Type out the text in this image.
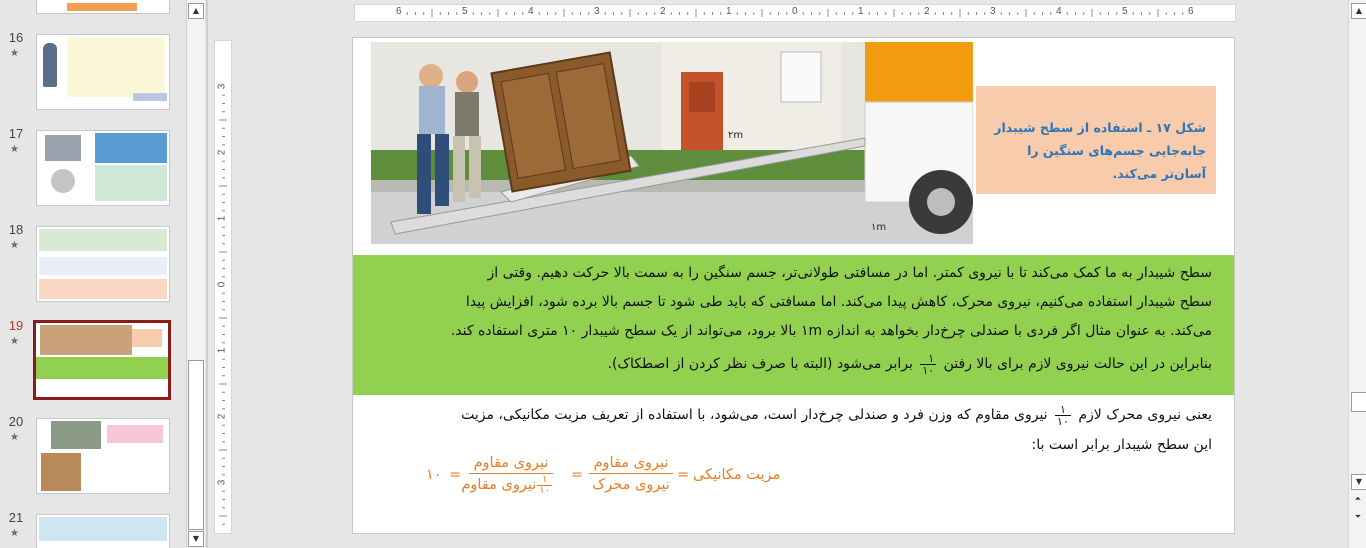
16
★
17
★
18
★
19
★
20
★
21
★
▲
▼
6	5	4	3	2	1	0	1	2	3	4	5	6
3
2
1
0
1
2
3
۲m
۱m

شکل ۱۷ ـ استفاده از سطح شیبدار جابه‌جایی جسم‌های سنگین را آسان‌تر می‌کند.

سطح شیبدار به ما کمک می‌کند تا با نیروی کمتر. اما در مسافتی طولانی‌تر، جسم سنگین را به سمت بالا حرکت دهیم. وقتی از

سطح شیبدار استفاده می‌کنیم، نیروی محرک، کاهش پیدا می‌کند. اما مسافتی که باید طی شود تا جسم بالا برده شود، افزایش پیدا

می‌کند. به عنوان مثال اگر فردی با صندلی چرخ‌دار بخواهد به اندازه ۱m بالا برود، می‌تواند از یک سطح شیبدار ۱۰ متری استفاده کند.

بنابراین در این حالت نیروی لازم برای بالا رفتن
$\frac{۱}{۱۰}$
برابر می‌شود (البته با صرف نظر کردن از اصطکاک).

یعنی نیروی محرک لازم
$\frac{۱}{۱۰}$
نیروی مقاوم که وزن فرد و صندلی چرخ‌دار است، می‌شود، با استفاده از تعریف مزیت مکانیکی، مزیت

این سطح شیبدار برابر است با:

۱۰ =
نیروی مقاوم
$\frac{۱}{۱۰}$
نیروی مقاوم
=
نیروی مقاوم
نیروی محرک
= مزیت مکانیکی
▲
▼
⏶
⏷
